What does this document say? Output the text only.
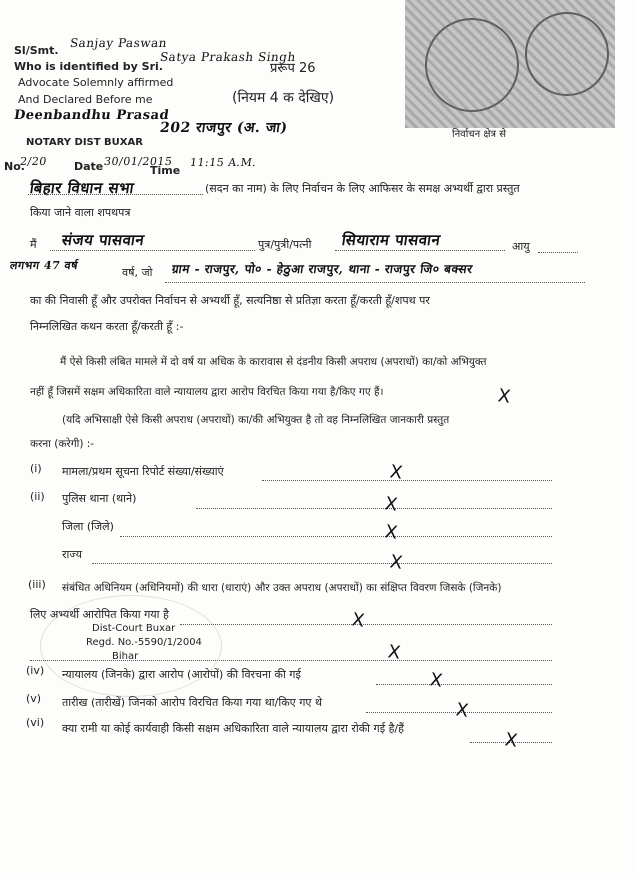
Sl/Smt.
Sanjay Paswan
Who is identified by Sri.
Satya Prakash Singh
Advocate Solemnly affirmed
And Declared Before me
Deenbandhu Prasad
NOTARY DIST BUXAR
No.
2/20 Date 30/01/2015
Time
11:15 A.M.
प्ररूप 26
(नियम 4 क देखिए)
202 राजपुर (अ. जा)	निर्वाचन क्षेत्र से
बिहार विधान सभा	(सदन का नाम) के लिए निर्वाचन के लिए आफिसर के समक्ष अभ्यर्थी द्वारा प्रस्तुत
किया जाने वाला शपथपत्र
मैं संजय पासवान	पुत्र/पुत्री/पत्नी सियाराम पासवान	आयु
लगभग 47 वर्ष
वर्ष, जो ग्राम - राजपुर, पो० - हेठुआ राजपुर, थाना - राजपुर जि० बक्सर
का की निवासी हूँ और उपरोक्त निर्वाचन से अभ्यर्थी हूँ, सत्यनिष्ठा से प्रतिज्ञा करता हूँ/करती हूँ/शपथ पर
निम्नलिखित कथन करता हूँ/करती हूँ :-
मैं ऐसे किसी लंबित मामले में दो वर्ष या अधिक के कारावास से दंडनीय किसी अपराध (अपराधों) का/को अभियुक्त
नहीं हूँ जिसमें सक्षम अधिकारिता वाले न्यायालय द्वारा आरोप विरचित किया गया है/किए गए हैं।	X
(यदि अभिसाक्षी ऐसे किसी अपराध (अपराधों) का/की अभियुक्त है तो वह निम्नलिखित जानकारी प्रस्तुत
करना (करेगी) :-
(i) मामला/प्रथम सूचना रिपोर्ट संख्या/संख्याएं	X
(ii) पुलिस थाना (थाने)	X
जिला (जिले)	X
राज्य	X
(iii) संबंधित अधिनियम (अधिनियमों) की धारा (धाराएं) और उक्त अपराध (अपराधों) का संक्षिप्त विवरण जिसके (जिनके)
लिए अभ्यर्थी आरोपित किया गया है	X
X
Dist-Court Buxar
Regd. No.-5590/1/2004
Bihar
(iv) न्यायालय (जिनके) द्वारा आरोप (आरोपों) की विरचना की गई	X
(v) तारीख (तारीखें) जिनको आरोप विरचित किया गया था/किए गए थे	X
(vi) क्या रामी या कोई कार्यवाही किसी सक्षम अधिकारिता वाले न्यायालय द्वारा रोकी गई है/हैं
X
